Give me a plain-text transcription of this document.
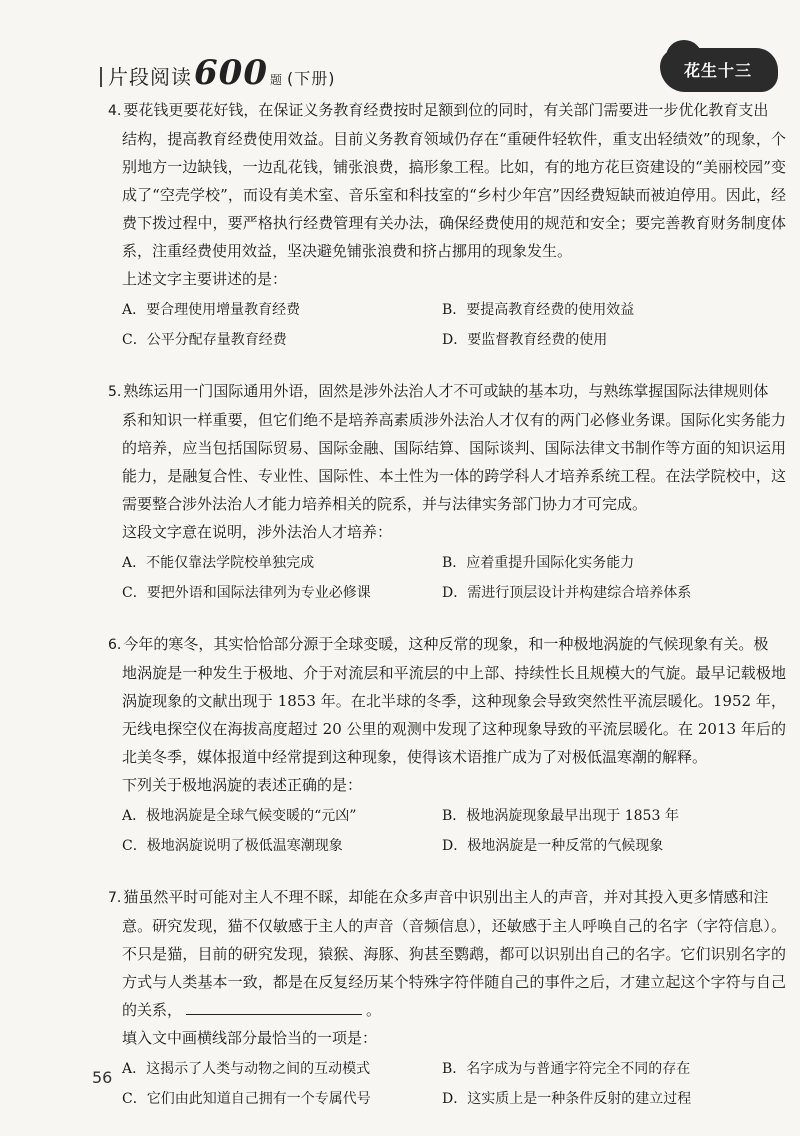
片段阅读 600 题 (下册)	花生十三

4. 要花钱更要花好钱，在保证义务教育经费按时足额到位的同时，有关部门需要进一步优化教育支出

结构，提高教育经费使用效益。目前义务教育领域仍存在“重硬件轻软件，重支出轻绩效”的现象，个别地方一边缺钱，一边乱花钱，铺张浪费，搞形象工程。比如，有的地方花巨资建设的“美丽校园”变成了“空壳学校”，而设有美术室、音乐室和科技室的“乡村少年宫”因经费短缺而被迫停用。因此，经费下拨过程中，要严格执行经费管理有关办法，确保经费使用的规范和安全；要完善教育财务制度体系，注重经费使用效益，坚决避免铺张浪费和挤占挪用的现象发生。

上述文字主要讲述的是：

A．要合理使用增量教育经费	B．要提高教育经费的使用效益
C．公平分配存量教育经费	D．要监督教育经费的使用

5. 熟练运用一门国际通用外语，固然是涉外法治人才不可或缺的基本功，与熟练掌握国际法律规则体

系和知识一样重要，但它们绝不是培养高素质涉外法治人才仅有的两门必修业务课。国际化实务能力的培养，应当包括国际贸易、国际金融、国际结算、国际谈判、国际法律文书制作等方面的知识运用能力，是融复合性、专业性、国际性、本土性为一体的跨学科人才培养系统工程。在法学院校中，这需要整合涉外法治人才能力培养相关的院系，并与法律实务部门协力才可完成。

这段文字意在说明，涉外法治人才培养：

A．不能仅靠法学院校单独完成	B．应着重提升国际化实务能力
C．要把外语和国际法律列为专业必修课	D．需进行顶层设计并构建综合培养体系

6. 今年的寒冬，其实恰恰部分源于全球变暖，这种反常的现象，和一种极地涡旋的气候现象有关。极

地涡旋是一种发生于极地、介于对流层和平流层的中上部、持续性长且规模大的气旋。最早记载极地涡旋现象的文献出现于 1853 年。在北半球的冬季，这种现象会导致突然性平流层暖化。1952 年，无线电探空仪在海拔高度超过 20 公里的观测中发现了这种现象导致的平流层暖化。在 2013 年后的北美冬季，媒体报道中经常提到这种现象，使得该术语推广成为了对极低温寒潮的解释。

下列关于极地涡旋的表述正确的是：

A．极地涡旋是全球气候变暖的“元凶”	B．极地涡旋现象最早出现于 1853 年
C．极地涡旋说明了极低温寒潮现象	D．极地涡旋是一种反常的气候现象

7. 猫虽然平时可能对主人不理不睬，却能在众多声音中识别出主人的声音，并对其投入更多情感和注

意。研究发现，猫不仅敏感于主人的声音（音频信息），还敏感于主人呼唤自己的名字（字符信息）。不只是猫，目前的研究发现，猿猴、海豚、狗甚至鹦鹉，都可以识别出自己的名字。它们识别名字的方式与人类基本一致，都是在反复经历某个特殊字符伴随自己的事件之后，才建立起这个字符与自己的关系，	。

填入文中画横线部分最恰当的一项是：

A．这揭示了人类与动物之间的互动模式	B．名字成为与普通字符完全不同的存在
C．它们由此知道自己拥有一个专属代号	D．这实质上是一种条件反射的建立过程
56
